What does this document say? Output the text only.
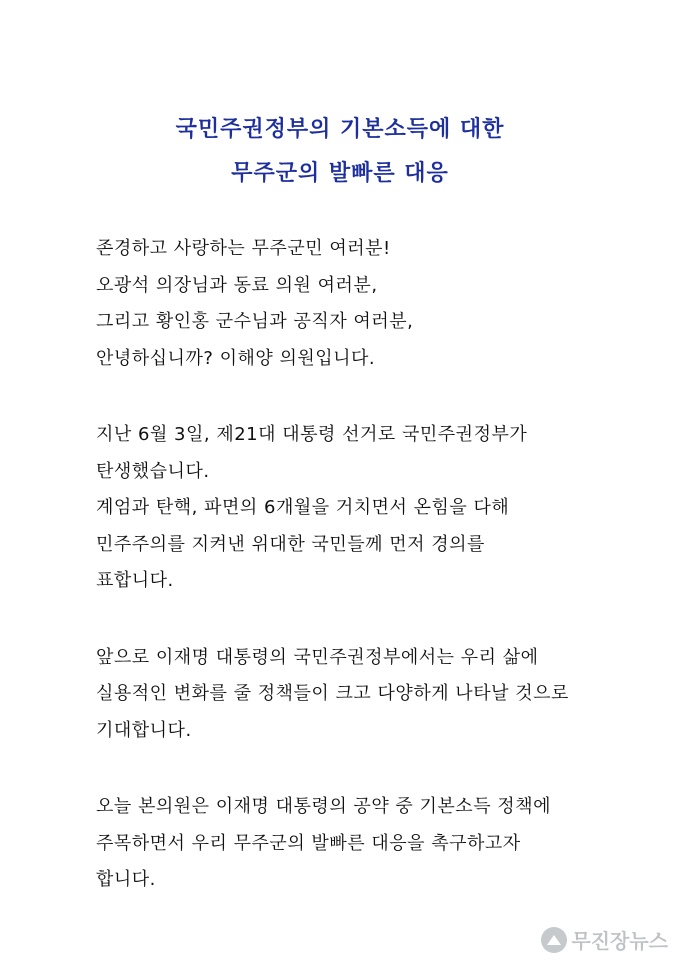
국민주권정부의 기본소득에 대한
무주군의 발빠른 대응
존경하고 사랑하는 무주군민 여러분!
오광석 의장님과 동료 의원 여러분,
그리고 황인홍 군수님과 공직자 여러분,
안녕하십니까? 이해양 의원입니다.
지난 6월 3일, 제21대 대통령 선거로 국민주권정부가
탄생했습니다.
계엄과 탄핵, 파면의 6개월을 거치면서 온힘을 다해
민주주의를 지켜낸 위대한 국민들께 먼저 경의를
표합니다.
앞으로 이재명 대통령의 국민주권정부에서는 우리 삶에
실용적인 변화를 줄 정책들이 크고 다양하게 나타날 것으로
기대합니다.
오늘 본의원은 이재명 대통령의 공약 중 기본소득 정책에
주목하면서 우리 무주군의 발빠른 대응을 촉구하고자
합니다.
무진장뉴스
